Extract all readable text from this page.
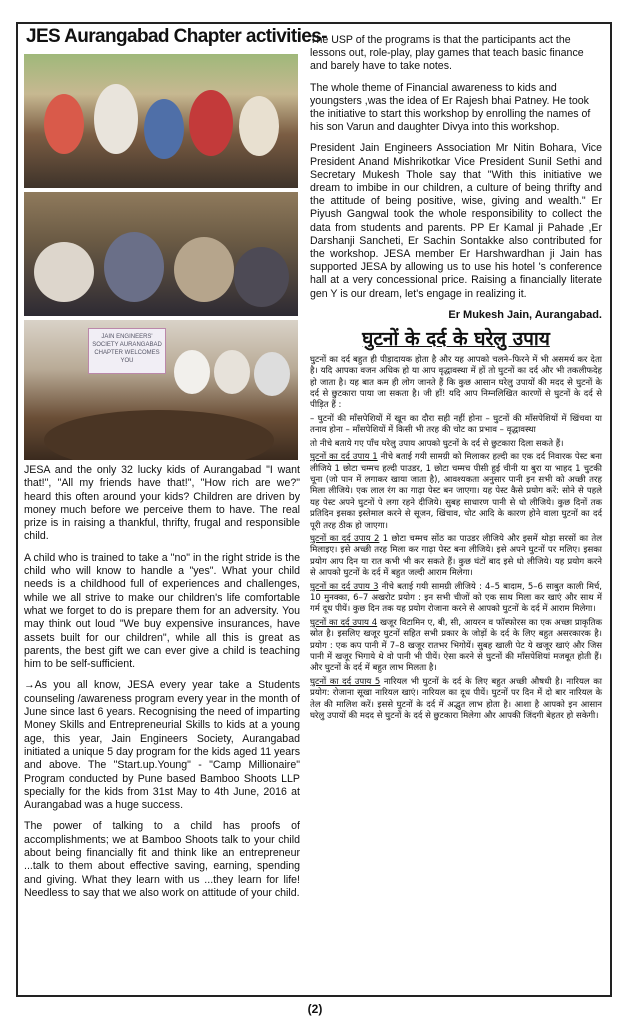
JES Aurangabad Chapter activities-
JAIN ENGINEERS' SOCIETY AURANGABAD CHAPTER WELCOMES YOU

JESA and the only 32 lucky kids of Aurangabad "I want that!", "All my friends have that!", "How rich are we?" heard this often around your kids? Children are driven by money much before we perceive them to have. The real prize is in raising a thankful, thrifty, frugal and responsible child.

A child who is trained to take a "no" in the right stride is the child who will know to handle a "yes". What your child needs is a childhood full of experiences and challenges, while we all strive to make our children's life comfortable what we forget to do is prepare them for an adversity. You may think out loud "We buy expensive insurances, have assets built for our children", while all this is great as parents, the best gift we can ever give a child is teaching him to be self-sufficient.

→As you all know, JESA every year take a Students counseling /awareness program every year in the month of June since last 6 years. Recognising the need of imparting Money Skills and Entrepreneurial Skills to kids at a young age, this year, Jain Engineers Society, Aurangabad initiated a unique 5 day program for the kids aged 11 years and above. The "Start.up.Young" - "Camp Millionaire" Program conducted by Pune based Bamboo Shoots LLP specially for the kids from 31st May to 4th June, 2016 at Aurangabad was a huge success.

The power of talking to a child has proofs of accomplishments; we at Bamboo Shoots talk to your child about being financially fit and think like an entrepreneur ...talk to them about effective saving, earning, spending and giving. What they learn with us ...they learn for life! Needless to say that we also work on attitude of your child.

The USP of the programs is that the participants act the lessons out, role-play, play games that teach basic finance and barely have to take notes.

The whole theme of Financial awareness to kids and youngsters ,was the idea of Er Rajesh bhai Patney. He took the initiative to start this workshop by enrolling the names of his son Varun and daughter Divya into this workshop.

President Jain Engineers Association Mr Nitin Bohara, Vice President Anand Mishrikotkar Vice President Sunil Sethi and Secretary Mukesh Thole say that "With this initiative we dream to imbibe in our children, a culture of being thrifty and the attitude of being positive, wise, giving and wealth." Er Piyush Gangwal took the whole responsibility to collect the data from students and parents. PP Er Kamal ji Pahade ,Er Darshanji Sancheti, Er Sachin Sontakke also contributed for the workshop. JESA member Er Harshwardhan ji Jain has supported JESA by allowing us to use his hotel 's conference hall at a very concessional price. Raising a financially literate gen Y is our dream, let's engage in realizing it.

Er Mukesh Jain, Aurangabad.
घुटनों के दर्द के घरेलु उपाय

घुटनों का दर्द बहुत ही पीड़ादायक होता है और यह आपको चलने–फिरने में भी असमर्थ कर देता है। यदि आपका वजन अधिक हो या आप वृद्धावस्था में हों तो घुटनों का दर्द और भी तकलीफदेह हो जाता है। यह बात कम ही लोग जानते हैं कि कुछ आसान घरेलु उपायों की मदद से घुटनों के दर्द से छुटकारा पाया जा सकता है। जी हाँ! यदि आप निम्नलिखित कारणों से घुटनों के दर्द से पीड़ित हैं :

– घुटनों की माँसपेशियों में खून का दौरा सही नहीं होना – घुटनों की माँसपेशियों में खिंचवा या तनाव होना – माँसपेशियों में किसी भी तरह की चोट का प्रभाव – वृद्धावस्था

तो नीचे बताये गए पाँच घरेलु उपाय आपको घुटनों के दर्द से छुटकारा दिला सकते हैं।

घुटनों का दर्द उपाय 1 नीचे बताई गयी सामग्री को मिलाकर हल्दी का एक दर्द निवारक पेस्ट बना लीजिये 1 छोटा चम्मच हल्दी पाउडर, 1 छोटा चम्मच पीसी हुई चीनी या बुरा या भाहद 1 चुटकी चूना (जो पान में लगाकर खाया जाता है), आवश्यकता अनुसार पानी इन सभी को अच्छी तरह मिला लीजिये। एक लाल रंग का गाढ़ा पेस्ट बन जाएगा। यह पेस्ट कैसे प्रयोग करें: सोने से पहले यह पेस्ट अपने घुटनों पे लगा रहने दीजिये। सुबह साधारण पानी से धो लीजिये। कुछ दिनों तक प्रतिदिन इसका इस्तेमाल करने से सूजन, खिंचाव, चोट आदि के कारण होने वाला घुटनों का दर्द पूरी तरह ठीक हो जाएगा।

घुटनों का दर्द उपाय 2 1 छोटा चम्मच सोंठ का पाउडर लीजिये और इसमें थोड़ा सरसों का तेल मिलाइए। इसे अच्छी तरह मिला कर गाढ़ा पेस्ट बना लीजिये। इसे अपने घुटनों पर मलिए। इसका प्रयोग आप दिन या रात कभी भी कर सकते हैं। कुछ घंटों बाद इसे धो लीजिये। यह प्रयोग करने से आपको घुटनों के दर्द में बहुत जल्दी आराम मिलेगा।

घुटनों का दर्द उपाय 3 नीचे बताई गयी सामग्री लीजिये : 4–5 बादाम, 5–6 साबुत काली मिर्च, 10 मुनक्का, 6–7 अखरोट प्रयोग : इन सभी चीजों को एक साथ मिला कर खाएं और साथ में गर्म दूध पीयें। कुछ दिन तक यह प्रयोग रोजाना करने से आपको घुटनों के दर्द में आराम मिलेगा।

घुटनों का दर्द उपाय 4 खजूर विटामिन ए, बी, सी, आयरन व फॉस्फोरस का एक अच्छा प्राकृतिक स्रोत है। इसलिए खजूर घुटनों सहित सभी प्रकार के जोड़ों के दर्द के लिए बहुत असरकारक है। प्रयोग : एक कप पानी में 7–8 खजूर रातभर भिगोयें। सुबह खाली पेट ये खजूर खाएं और जिस पानी में खजूर भिगाये थे वो पानी भी पीयें। ऐसा करने से घुटनों की माँसपेशियां मजबूत होती हैं। और घुटनों के दर्द में बहुत लाभ मिलता है।

घुटनों का दर्द उपाय 5 नारियल भी घुटनों के दर्द के लिए बहुत अच्छी औषधी है। नारियल का प्रयोग: रोजाना सूखा नारियल खाएं। नारियल का दूध पीयें। घुटनों पर दिन में दो बार नारियल के तेल की मालिश करें। इससे घुटनों के दर्द में अद्भुत लाभ होता है। आशा है आपको इन आसान घरेलु उपायों की मदद से घुटनों के दर्द से छुटकारा मिलेगा और आपकी जिंदगी बेहतर हो सकेगी।

(2)
